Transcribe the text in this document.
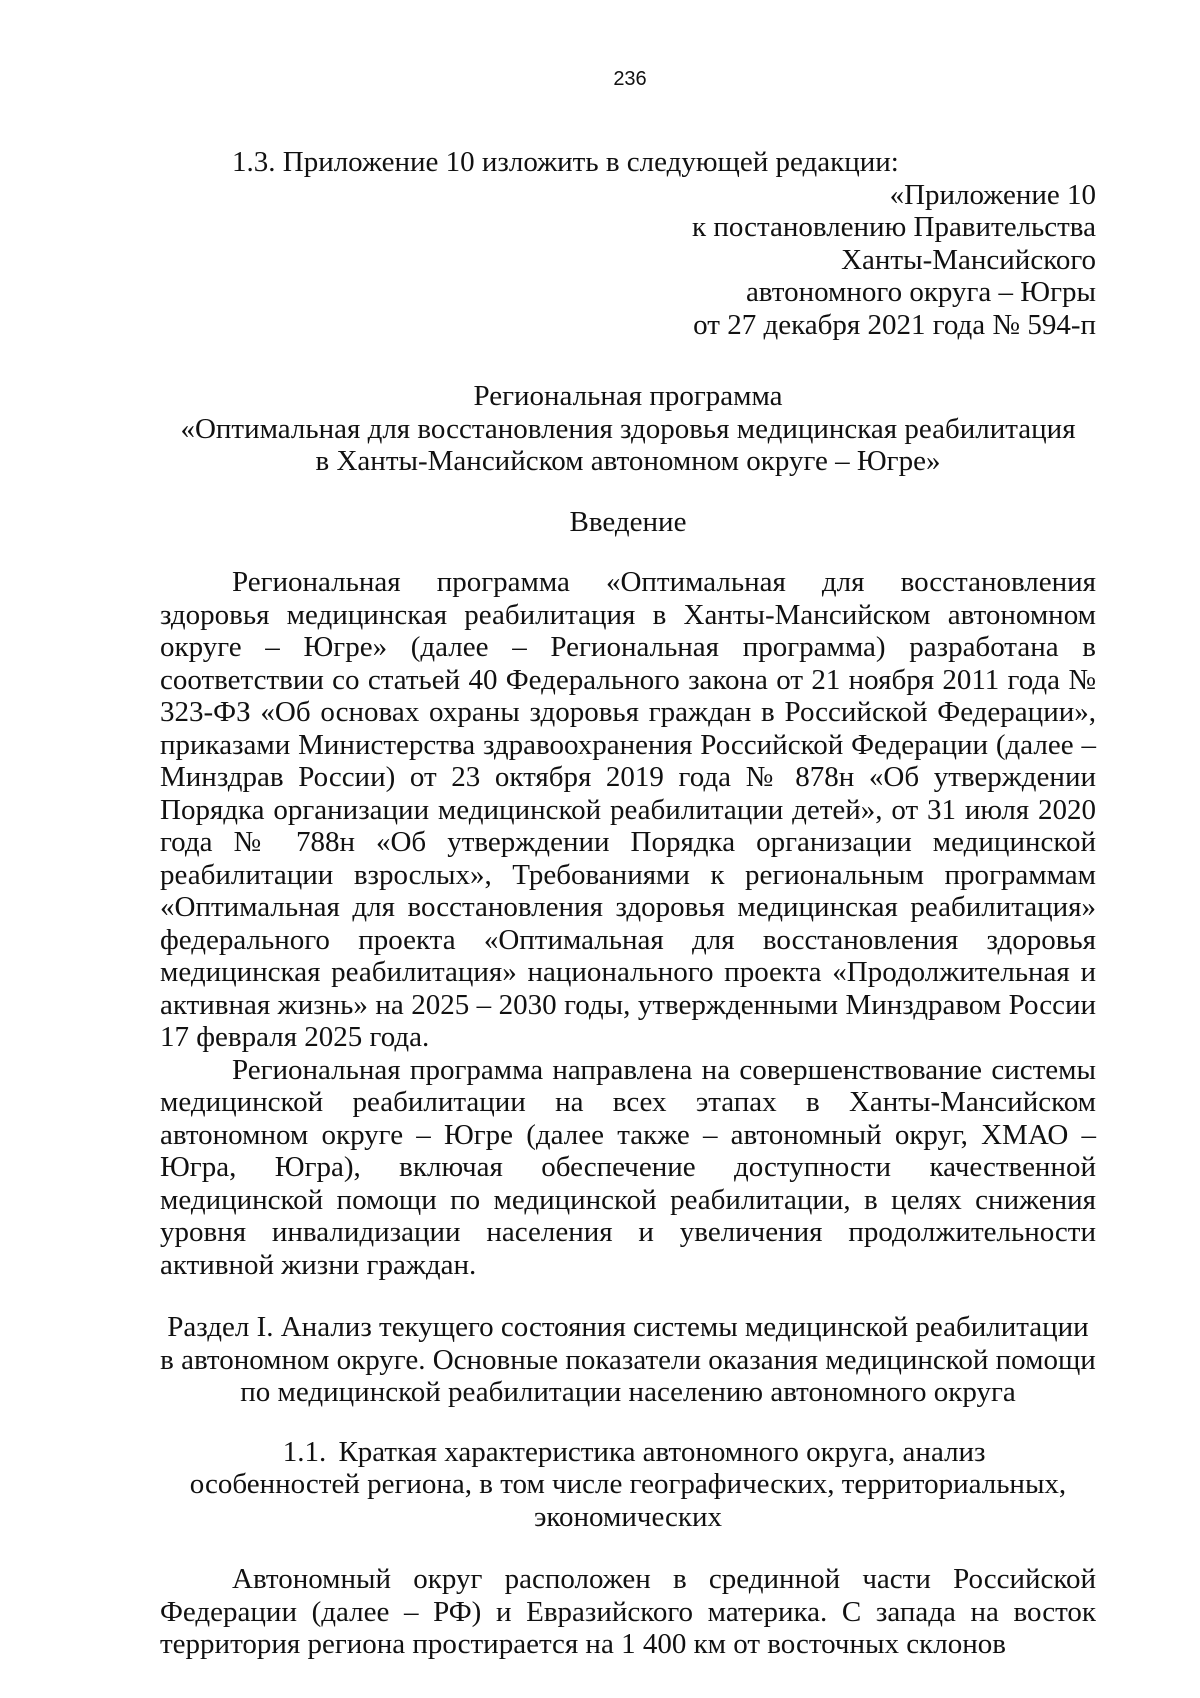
236

1.3. Приложение 10 изложить в следующей редакции:

«Приложение 10
к постановлению Правительства
Ханты-Мансийского
автономного округа – Югры
от 27 декабря 2021 года № 594-п
Региональная программа
«Оптимальная для восстановления здоровья медицинская реабилитация
в Ханты-Мансийском автономном округе – Югре»
Введение

Региональная программа «Оптимальная для восстановления здоровья медицинская реабилитация в Ханты-Мансийском автономном округе – Югре» (далее – Региональная программа) разработана в соответствии со статьей 40 Федерального закона от 21 ноября 2011 года № 323-ФЗ «Об основах охраны здоровья граждан в Российской Федерации», приказами Министерства здравоохранения Российской Федерации (далее – Минздрав России) от 23 октября 2019 года № 878н «Об утверждении Порядка организации медицинской реабилитации детей», от 31 июля 2020 года № 788н «Об утверждении Порядка организации медицинской реабилитации взрослых», Требованиями к региональным программам «Оптимальная для восстановления здоровья медицинская реабилитация» федерального проекта «Оптимальная для восстановления здоровья медицинская реабилитация» национального проекта «Продолжительная и активная жизнь» на 2025 – 2030 годы, утвержденными Минздравом России 17 февраля 2025 года.

Региональная программа направлена на совершенствование системы медицинской реабилитации на всех этапах в Ханты-Мансийском автономном округе – Югре (далее также – автономный округ, ХМАО – Югра, Югра), включая обеспечение доступности качественной медицинской помощи по медицинской реабилитации, в целях снижения уровня инвалидизации населения и увеличения продолжительности активной жизни граждан.

Раздел I. Анализ текущего состояния системы медицинской реабилитации
в автономном округе. Основные показатели оказания медицинской помощи
по медицинской реабилитации населению автономного округа
1.1. Краткая характеристика автономного округа, анализ
особенностей региона, в том числе географических, территориальных,
экономических

Автономный округ расположен в срединной части Российской Федерации (далее – РФ) и Евразийского материка. С запада на восток территория региона простирается на 1 400 км от восточных склонов
